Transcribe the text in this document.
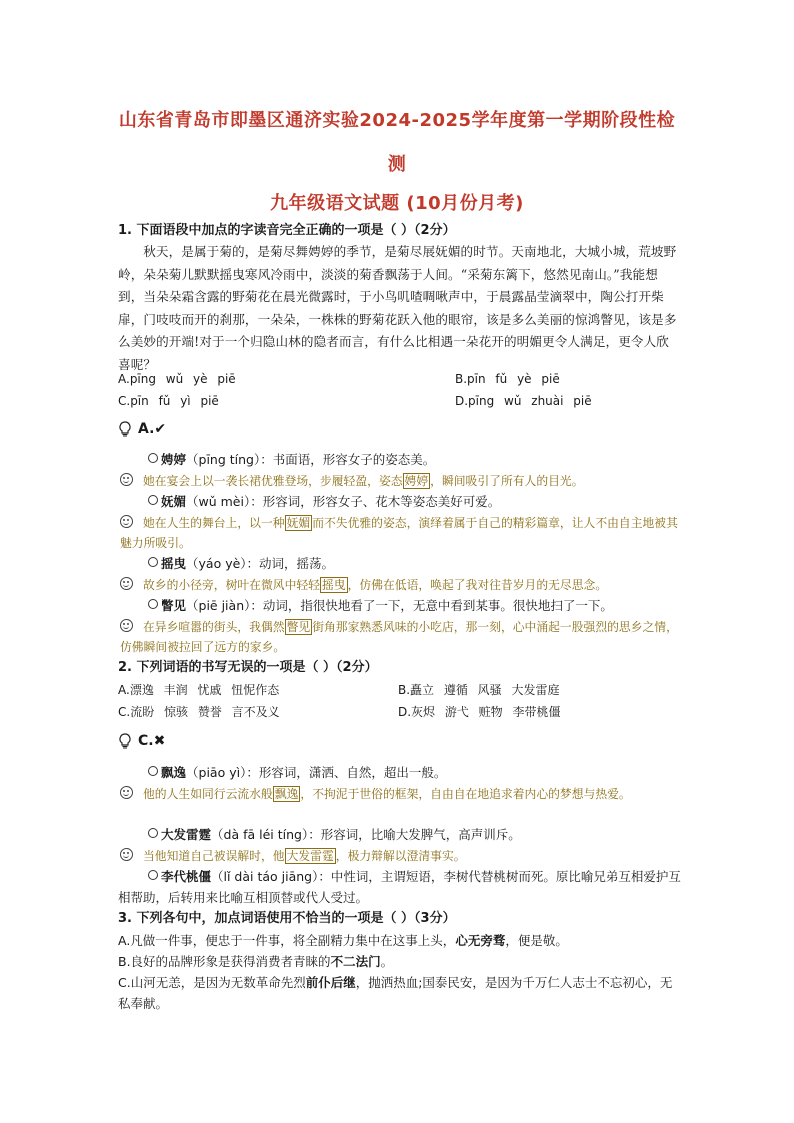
山东省青岛市即墨区通济实验2024-2025学年度第一学期阶段性检
测
九年级语文试题 (10月份月考)
1. 下面语段中加点的字读音完全正确的一项是（ ）（2分）
秋天，是属于菊的，是菊尽舞娉婷的季节，是菊尽展妩媚的时节。天南地北，大城小城，荒坡野岭，朵朵菊儿默默摇曳寒风冷雨中，淡淡的菊香飘荡于人间。“采菊东篱下，悠然见南山。”我能想到，当朵朵霜含露的野菊花在晨光微露时，于小鸟叽喳啁啾声中，于晨露晶莹滴翠中，陶公打开柴扉，门吱吱而开的刹那，一朵朵，一株株的野菊花跃入他的眼帘，该是多么美丽的惊鸿瞥见，该是多么美妙的开端!对于一个归隐山林的隐者而言，有什么比相遇一朵花开的明媚更令人满足，更令人欣喜呢？
A.pīng wǔ yè piē	B.pīn fǔ yè piē
C.pīn fǔ yì piē	D.pīng wǔ zhuài piē
A.✔
娉婷（pīng tíng）：书面语，形容女子的姿态美。
她在宴会上以一袭长裙优雅登场，步履轻盈，姿态 娉婷 ，瞬间吸引了所有人的目光。
妩媚（wǔ mèi）：形容词，形容女子、花木等姿态美好可爱。
她在人生的舞台上，以一种 妩媚 而不失优雅的姿态，演绎着属于自己的精彩篇章，让人不由自主地被其魅力所吸引。
摇曳（yáo yè）：动词，摇荡。
故乡的小径旁，树叶在微风中轻轻 摇曳 ，仿佛在低语，唤起了我对往昔岁月的无尽思念。
瞥见（piē jiàn）：动词，指很快地看了一下，无意中看到某事。很快地扫了一下。
在异乡喧嚣的街头，我偶然 瞥见 街角那家熟悉风味的小吃店，那一刻，心中涌起一股强烈的思乡之情，仿佛瞬间被拉回了远方的家乡。
2. 下列词语的书写无误的一项是（ ）（2分）
A.漂逸 丰润 忧戚 忸怩作态	B.矗立 遵循 风骚 大发雷庭
C.流盼 惊骇 赞誉 言不及义	D.灰烬 游弋 赃物 李带桃僵
C.✖
飘逸（piāo yì）：形容词，潇洒、自然，超出一般。
他的人生如同行云流水般 飘逸 ，不拘泥于世俗的框架，自由自在地追求着内心的梦想与热爱。
大发雷霆（dà fā léi tíng）：形容词，比喻大发脾气，高声训斥。
当他知道自己被误解时，他 大发雷霆 ，极力辩解以澄清事实。
李代桃僵（lǐ dài táo jiāng）：中性词，主谓短语，李树代替桃树而死。原比喻兄弟互相爱护互相帮助，后转用来比喻互相顶替或代人受过。
3. 下列各句中，加点词语使用不恰当的一项是（ ）（3分）
A.凡做一件事，便忠于一件事，将全副精力集中在这事上头，心无旁骛，便是敬。
B.良好的品牌形象是获得消费者青睐的不二法门。
C.山河无恙，是因为无数革命先烈前仆后继，抛洒热血;国泰民安，是因为千万仁人志士不忘初心，无私奉献。
